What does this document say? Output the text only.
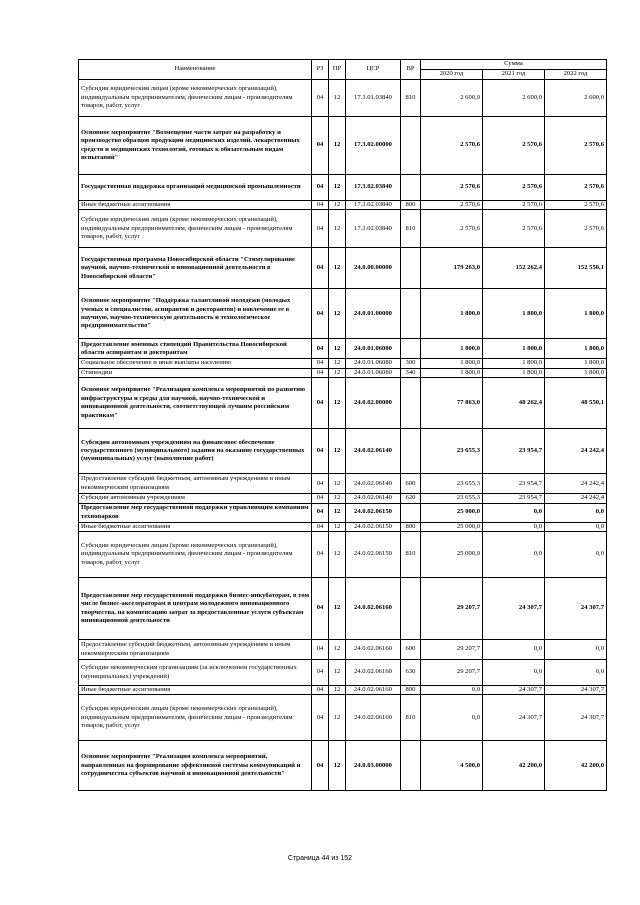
Наименование	РЗ	ПР	ЦСР	ВР	Сумма		
					2020 год	2021 год	2022 год
Субсидии юридическим лицам (кроме некоммерческих организаций), индивидуальным предпринимателям, физическим лицам - производителям товаров, работ, услуг	04	12	17.3.01.03840	810	2 600,0	2 600,0	2 600,0
Основное мероприятие "Возмещение части затрат на разработку и производство образцов продукции медицинских изделий, лекарственных средств и медицинских технологий, готовых к обязательным видам испытаний"	04	12	17.3.02.00000		2 570,6	2 570,6	2 570,6
Государственная поддержка организаций медицинской промышленности	04	12	17.3.02.03840		2 570,6	2 570,6	2 570,6
Иные бюджетные ассигнования	04	12	17.3.02.03840	800	2 570,6	2 570,6	2 570,6
Субсидии юридическим лицам (кроме некоммерческих организаций), индивидуальным предпринимателям, физическим лицам - производителям товаров, работ, услуг	04	12	17.3.02.03840	810	2 570,6	2 570,6	2 570,6
Государственная программа Новосибирской области "Стимулирование научной, научно-технической и инновационной деятельности в Новосибирской области"	04	12	24.0.00.00000		179 263,0	152 262,4	152 550,1
Основное мероприятие "Поддержка талантливой молодежи (молодых ученых и специалистов, аспирантов и докторантов) и вовлечение ее в научную, научно-техническую деятельность и технологическое предпринимательство"	04	12	24.0.01.00000		1 800,0	1 800,0	1 800,0
Предоставление именных стипендий Правительства Новосибирской области аспирантам и докторантам	04	12	24.0.01.06080		1 800,0	1 800,0	1 800,0
Социальное обеспечение и иные выплаты населению	04	12	24.0.01.06080	300	1 800,0	1 800,0	1 800,0
Стипендии	04	12	24.0.01.06080	340	1 800,0	1 800,0	1 800,0
Основное мероприятие "Реализация комплекса мероприятий по развитию инфраструктуры и среды для научной, научно-технической и инновационной деятельности, соответствующей лучшим российским практикам"	04	12	24.0.02.00000		77 863,0	48 262,4	48 550,1
Субсидии автономным учреждениям на финансовое обеспечение государственного (муниципального) задания на оказание государственных (муниципальных) услуг (выполнение работ)	04	12	24.0.02.06140		23 655,3	23 954,7	24 242,4
Предоставление субсидий бюджетным, автономным учреждениям и иным некоммерческим организациям	04	12	24.0.02.06140	600	23 655,3	23 954,7	24 242,4
Субсидии автономным учреждениям	04	12	24.0.02.06140	620	23 655,3	23 954,7	24 242,4
Предоставление мер государственной поддержки управляющим компаниям технопарков	04	12	24.0.02.06150		25 000,0	0,0	0,0
Иные бюджетные ассигнования	04	12	24.0.02.06150	800	25 000,0	0,0	0,0
Субсидии юридическим лицам (кроме некоммерческих организаций), индивидуальным предпринимателям, физическим лицам - производителям товаров, работ, услуг	04	12	24.0.02.06150	810	25 000,0	0,0	0,0
Предоставление мер государственной поддержки бизнес-инкубаторам, в том числе бизнес-акселераторам и центрам молодежного инновационного творчества, на компенсацию затрат за предоставленные услуги субъектам инновационной деятельности	04	12	24.0.02.06160		29 207,7	24 307,7	24 307,7
Предоставление субсидий бюджетным, автономным учреждениям и иным некоммерческим организациям	04	12	24.0.02.06160	600	29 207,7	0,0	0,0
Субсидии некоммерческим организациям (за исключением государственных (муниципальных) учреждений)	04	12	24.0.02.06160	630	29 207,7	0,0	0,0
Иные бюджетные ассигнования	04	12	24.0.02.06160	800	0,0	24 307,7	24 307,7
Субсидии юридическим лицам (кроме некоммерческих организаций), индивидуальным предпринимателям, физическим лицам - производителям товаров, работ, услуг	04	12	24.0.02.06160	810	0,0	24 307,7	24 307,7
Основное мероприятие "Реализация комплекса мероприятий, направленных на формирование эффективной системы коммуникаций и сотрудничества субъектов научной и инновационной деятельности"	04	12	24.0.03.00000		4 500,0	42 200,0	42 200,0
Страница 44 из 152
